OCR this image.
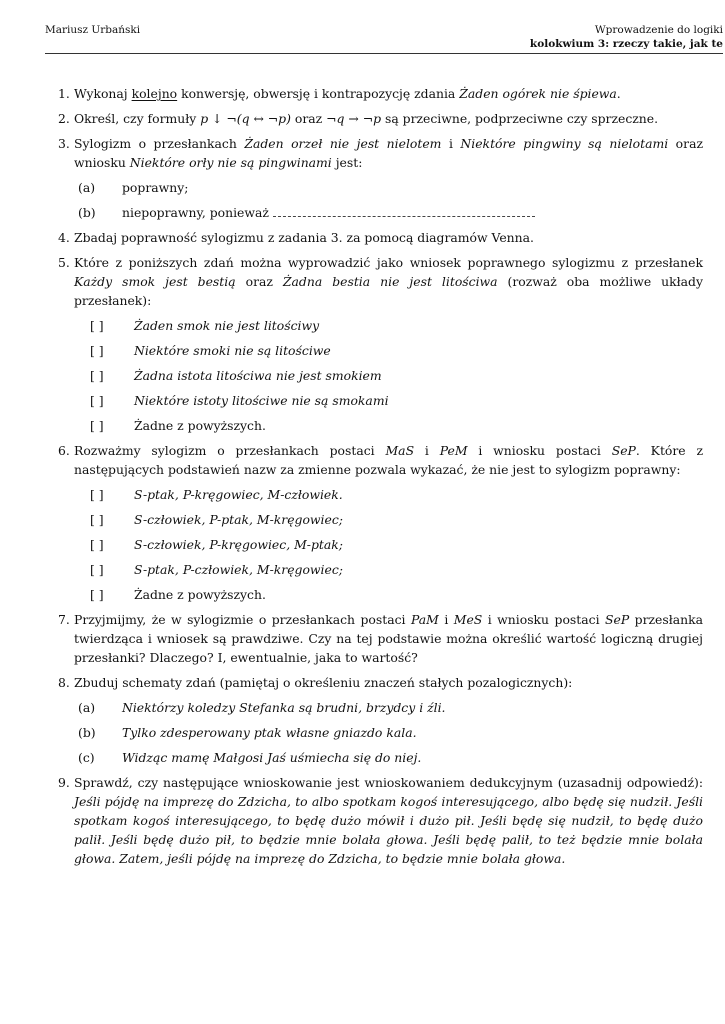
Mariusz Urbański	Wprowadzenie do logiki
kolokwium 3: rzeczy takie, jak te
1. Wykonaj kolejno konwersję, obwersję i kontrapozycję zdania Żaden ogórek nie śpiewa.
2. Określ, czy formuły p ↓ ¬(q ↔ ¬p) oraz ¬q → ¬p są przeciwne, podprzeciwne czy sprzeczne.
3. Sylogizm o przesłankach Żaden orzeł nie jest nielotem i Niektóre pingwiny są nielotami oraz wniosku Niektóre orły nie są pingwinami jest:
(a) poprawny;
(b) niepoprawny, ponieważ
4. Zbadaj poprawność sylogizmu z zadania 3. za pomocą diagramów Venna.
5. Które z poniższych zdań można wyprowadzić jako wniosek poprawnego sylogizmu z przesłanek Każdy smok jest bestią oraz Żadna bestia nie jest litościwa (rozważ oba możliwe układy przesłanek):
[ ] Żaden smok nie jest litościwy
[ ] Niektóre smoki nie są litościwe
[ ] Żadna istota litościwa nie jest smokiem
[ ] Niektóre istoty litościwe nie są smokami
[ ] Żadne z powyższych.
6. Rozważmy sylogizm o przesłankach postaci MaS i PeM i wniosku postaci SeP. Które z następujących podstawień nazw za zmienne pozwala wykazać, że nie jest to sylogizm poprawny:
[ ] S-ptak, P-kręgowiec, M-człowiek.
[ ] S-człowiek, P-ptak, M-kręgowiec;
[ ] S-człowiek, P-kręgowiec, M-ptak;
[ ] S-ptak, P-człowiek, M-kręgowiec;
[ ] Żadne z powyższych.
7. Przyjmijmy, że w sylogizmie o przesłankach postaci PaM i MeS i wniosku postaci SeP przesłanka twierdząca i wniosek są prawdziwe. Czy na tej podstawie można określić wartość logiczną drugiej przesłanki? Dlaczego? I, ewentualnie, jaka to wartość?
8. Zbuduj schematy zdań (pamiętaj o określeniu znaczeń stałych pozalogicznych):
(a) Niektórzy koledzy Stefanka są brudni, brzydcy i źli.
(b) Tylko zdesperowany ptak własne gniazdo kala.
(c) Widząc mamę Małgosi Jaś uśmiecha się do niej.
9. Sprawdź, czy następujące wnioskowanie jest wnioskowaniem dedukcyjnym (uzasadnij odpowiedź): Jeśli pójdę na imprezę do Zdzicha, to albo spotkam kogoś interesującego, albo będę się nudził. Jeśli spotkam kogoś interesującego, to będę dużo mówił i dużo pił. Jeśli będę się nudził, to będę dużo palił. Jeśli będę dużo pił, to będzie mnie bolała głowa. Jeśli będę palił, to też będzie mnie bolała głowa. Zatem, jeśli pójdę na imprezę do Zdzicha, to będzie mnie bolała głowa.
